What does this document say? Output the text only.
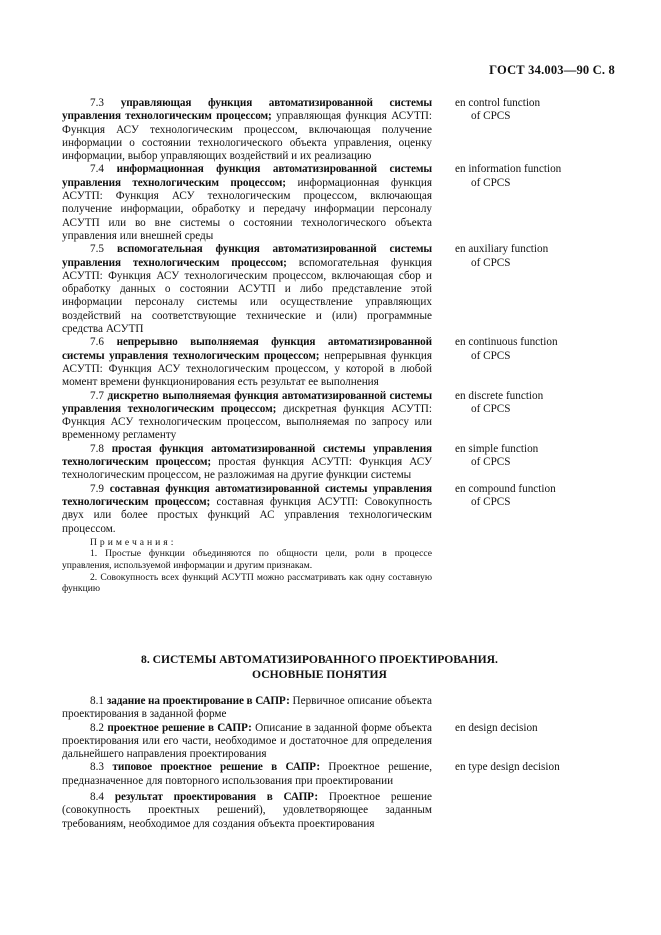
ГОСТ 34.003—90 С. 8

7.3 управляющая функция автоматизированной системы управления технологическим процессом; управляющая функция АСУТП: Функция АСУ технологическим процессом, включающая получение информации о состоянии технологического объекта управления, оценку информации, выбор управляющих воздействий и их реализацию

en control function
of CPCS

7.4 информационная функция автоматизированной системы управления технологическим процессом; информационная функция АСУТП: Функция АСУ технологическим процессом, включающая получение информации, обработку и передачу информации персоналу АСУТП или во вне системы о состоянии технологического объекта управления или внешней среды

en information function
of CPCS

7.5 вспомогательная функция автоматизированной системы управления технологическим процессом; вспомогательная функция АСУТП: Функция АСУ технологическим процессом, включающая сбор и обработку данных о состоянии АСУТП и либо представление этой информации персоналу системы или осуществление управляющих воздействий на соответствующие технические и (или) программные средства АСУТП

en auxiliary function
of CPCS

7.6 непрерывно выполняемая функция автоматизированной системы управления технологическим процессом; непрерывная функция АСУТП: Функция АСУ технологическим процессом, у которой в любой момент времени функционирования есть результат ее выполнения

en continuous function
of CPCS

7.7 дискретно выполняемая функция автоматизированной системы управления технологическим процессом; дискретная функция АСУТП: Функция АСУ технологическим процессом, выполняемая по запросу или временному регламенту

en discrete function
of CPCS

7.8 простая функция автоматизированной системы управления технологическим процессом; простая функция АСУТП: Функция АСУ технологическим процессом, не разложимая на другие функции системы

en simple function
of CPCS

7.9 составная функция автоматизированной системы управления технологическим процессом; составная функция АСУТП: Совокупность двух или более простых функций АС управления технологическим процессом.

en compound function
of CPCS

Примечания:

1. Простые функции объединяются по общности цели, роли в процессе управления, используемой информации и другим признакам.

2. Совокупность всех функций АСУТП можно рассматривать как одну составную функцию

8. СИСТЕМЫ АВТОМАТИЗИРОВАННОГО ПРОЕКТИРОВАНИЯ.
ОСНОВНЫЕ ПОНЯТИЯ

8.1 задание на проектирование в САПР: Первичное описание объекта проектирования в заданной форме

8.2 проектное решение в САПР: Описание в заданной форме объекта проектирования или его части, необходимое и достаточное для определения дальнейшего направления проектирования

en design decision

8.3 типовое проектное решение в САПР: Проектное решение, предназначенное для повторного использования при проектировании

en type design decision

8.4 результат проектирования в САПР: Проектное решение (совокупность проектных решений), удовлетворяющее заданным требованиям, необходимое для создания объекта проектирования
